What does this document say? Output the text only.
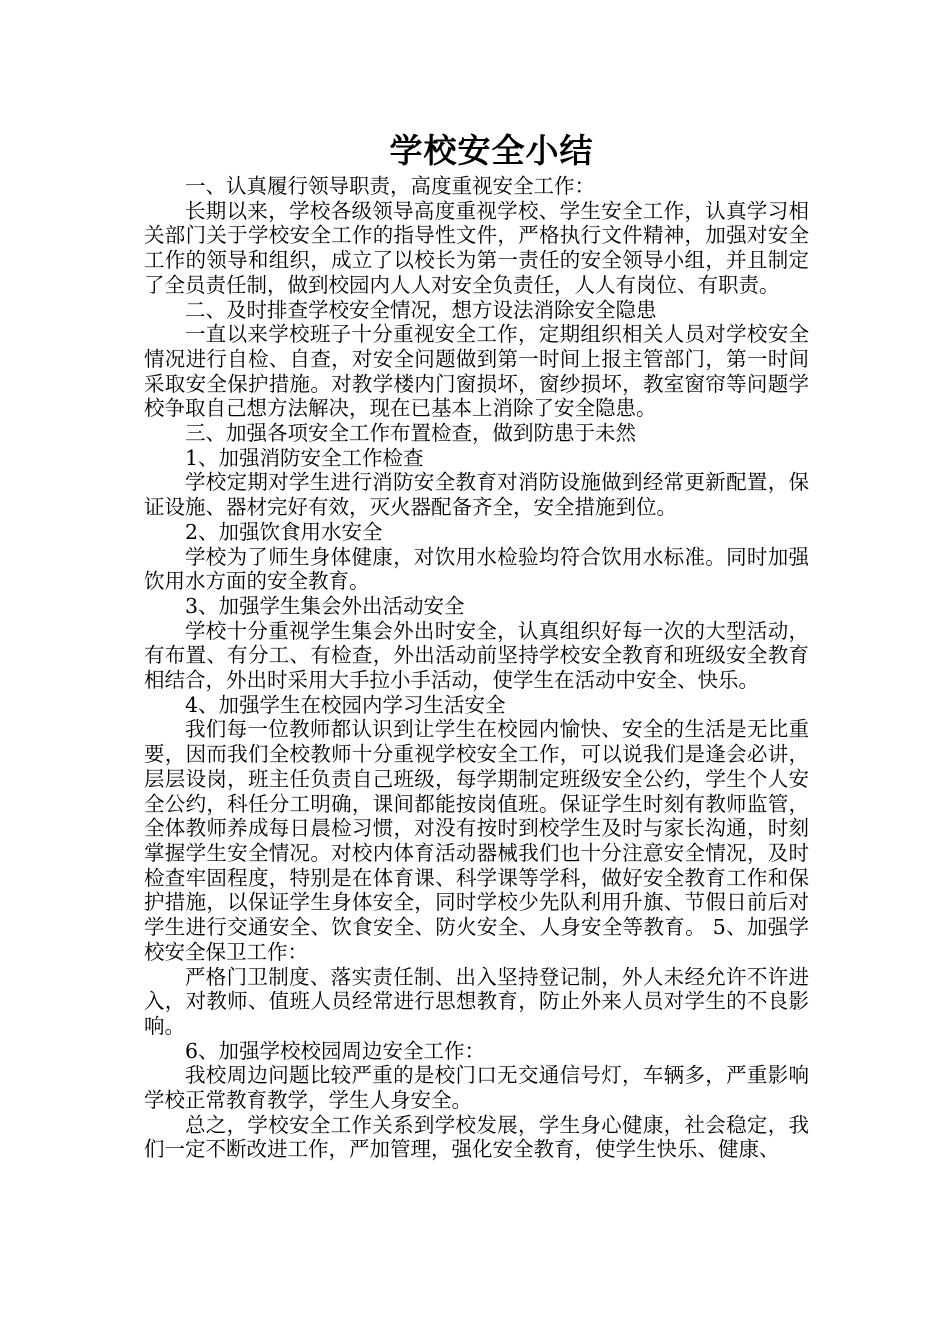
学校安全小结

一、认真履行领导职责，高度重视安全工作：

长期以来，学校各级领导高度重视学校、学生安全工作，认真学习相关部门关于学校安全工作的指导性文件，严格执行文件精神，加强对安全工作的领导和组织，成立了以校长为第一责任的安全领导小组，并且制定了全员责任制，做到校园内人人对安全负责任，人人有岗位、有职责。

二、及时排查学校安全情况，想方设法消除安全隐患

一直以来学校班子十分重视安全工作，定期组织相关人员对学校安全情况进行自检、自查，对安全问题做到第一时间上报主管部门，第一时间采取安全保护措施。对教学楼内门窗损坏，窗纱损坏，教室窗帘等问题学校争取自己想方法解决，现在已基本上消除了安全隐患。

三、加强各项安全工作布置检查，做到防患于未然

1、加强消防安全工作检查

学校定期对学生进行消防安全教育对消防设施做到经常更新配置，保证设施、器材完好有效，灭火器配备齐全，安全措施到位。

2、加强饮食用水安全

学校为了师生身体健康，对饮用水检验均符合饮用水标准。同时加强饮用水方面的安全教育。

3、加强学生集会外出活动安全

学校十分重视学生集会外出时安全，认真组织好每一次的大型活动，有布置、有分工、有检查，外出活动前坚持学校安全教育和班级安全教育相结合，外出时采用大手拉小手活动，使学生在活动中安全、快乐。

4、加强学生在校园内学习生活安全

我们每一位教师都认识到让学生在校园内愉快、安全的生活是无比重要，因而我们全校教师十分重视学校安全工作，可以说我们是逢会必讲，层层设岗，班主任负责自己班级，每学期制定班级安全公约，学生个人安全公约，科任分工明确，课间都能按岗值班。保证学生时刻有教师监管，全体教师养成每日晨检习惯，对没有按时到校学生及时与家长沟通，时刻掌握学生安全情况。对校内体育活动器械我们也十分注意安全情况，及时检查牢固程度，特别是在体育课、科学课等学科，做好安全教育工作和保护措施，以保证学生身体安全，同时学校少先队利用升旗、节假日前后对学生进行交通安全、饮食安全、防火安全、人身安全等教育。 5、加强学校安全保卫工作：

严格门卫制度、落实责任制、出入坚持登记制，外人未经允许不许进入，对教师、值班人员经常进行思想教育，防止外来人员对学生的不良影响。

6、加强学校校园周边安全工作：

我校周边问题比较严重的是校门口无交通信号灯，车辆多，严重影响学校正常教育教学，学生人身安全。

总之，学校安全工作关系到学校发展，学生身心健康，社会稳定，我们一定不断改进工作，严加管理，强化安全教育，使学生快乐、健康、
